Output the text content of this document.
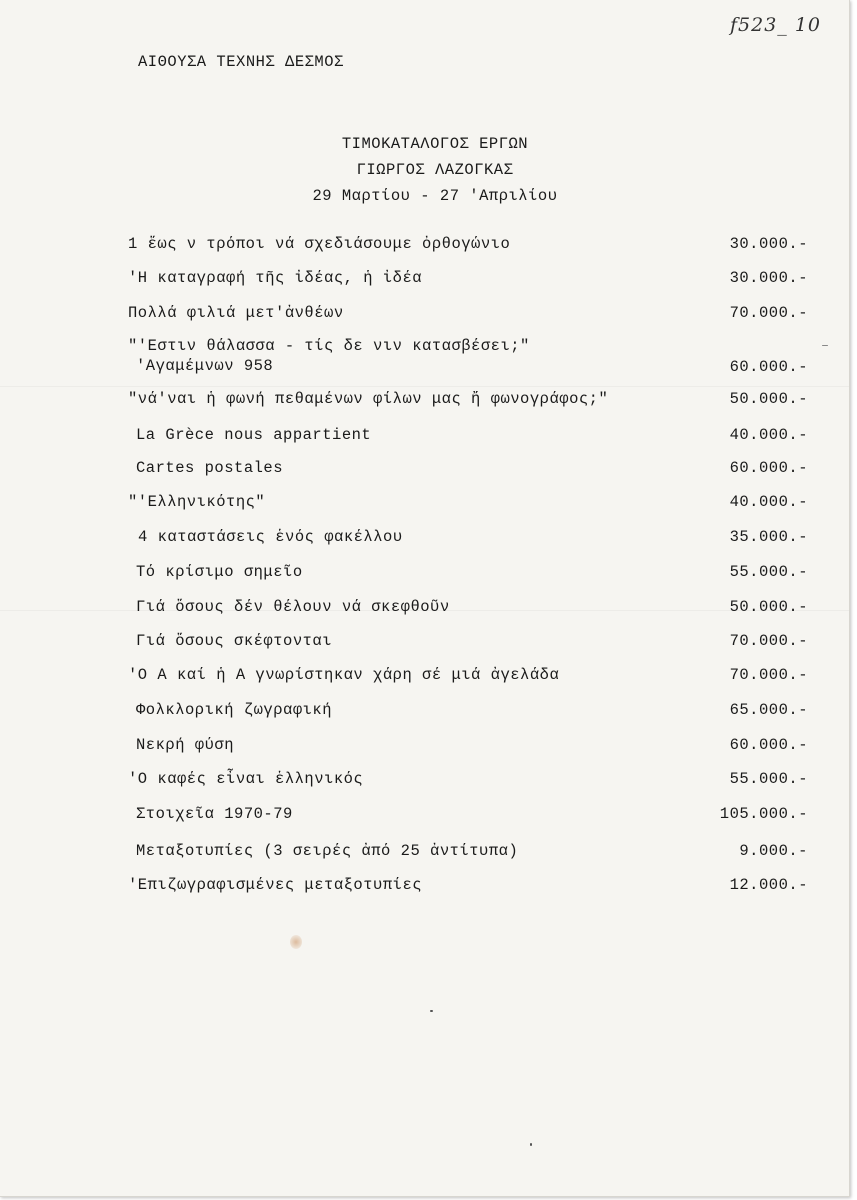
f523_ 10
ΑΙΘΟΥΣΑ ΤΕΧΝΗΣ ΔΕΣΜΟΣ
ΤΙΜΟΚΑΤΑΛΟΓΟΣ ΕΡΓΩΝ
ΓΙΩΡΓΟΣ ΛΑΖΟΓΚΑΣ
29 Μαρτίου - 27 'Απριλίου
1 ἕως ν τρόποι νά σχεδιάσουμε ὀρθογώνιο	30.000.-
'Η καταγραφή τῆς ἰδέας, ἡ ἰδέα	30.000.-
Πολλά φιλιά μετ'ἀνθέων	70.000.-
"'Εστιν θάλασσα - τίς δε νιν κατασβέσει;"
'Αγαμέμνων 958	60.000.-
"νά'ναι ἡ φωνή πεθαμένων φίλων μας ἤ φωνογράφος;"	50.000.-
La Grèce nous appartient	40.000.-
Cartes postales	60.000.-
"'Ελληνικότης"	40.000.-
4 καταστάσεις ἑνός φακέλλου	35.000.-
Τό κρίσιμο σημεῖο	55.000.-
Γιά ὅσους δέν θέλουν νά σκεφθοῦν	50.000.-
Γιά ὅσους σκέφτονται	70.000.-
'Ο Α καί ἡ Α γνωρίστηκαν χάρη σέ μιά ἀγελάδα	70.000.-
Φολκλορική ζωγραφική	65.000.-
Νεκρή φύση	60.000.-
'Ο καφές εἶναι ἑλληνικός	55.000.-
Στοιχεῖα 1970-79	105.000.-
Μεταξοτυπίες (3 σειρές ἀπό 25 ἀντίτυπα)	9.000.-
'Επιζωγραφισμένες μεταξοτυπίες	12.000.-
